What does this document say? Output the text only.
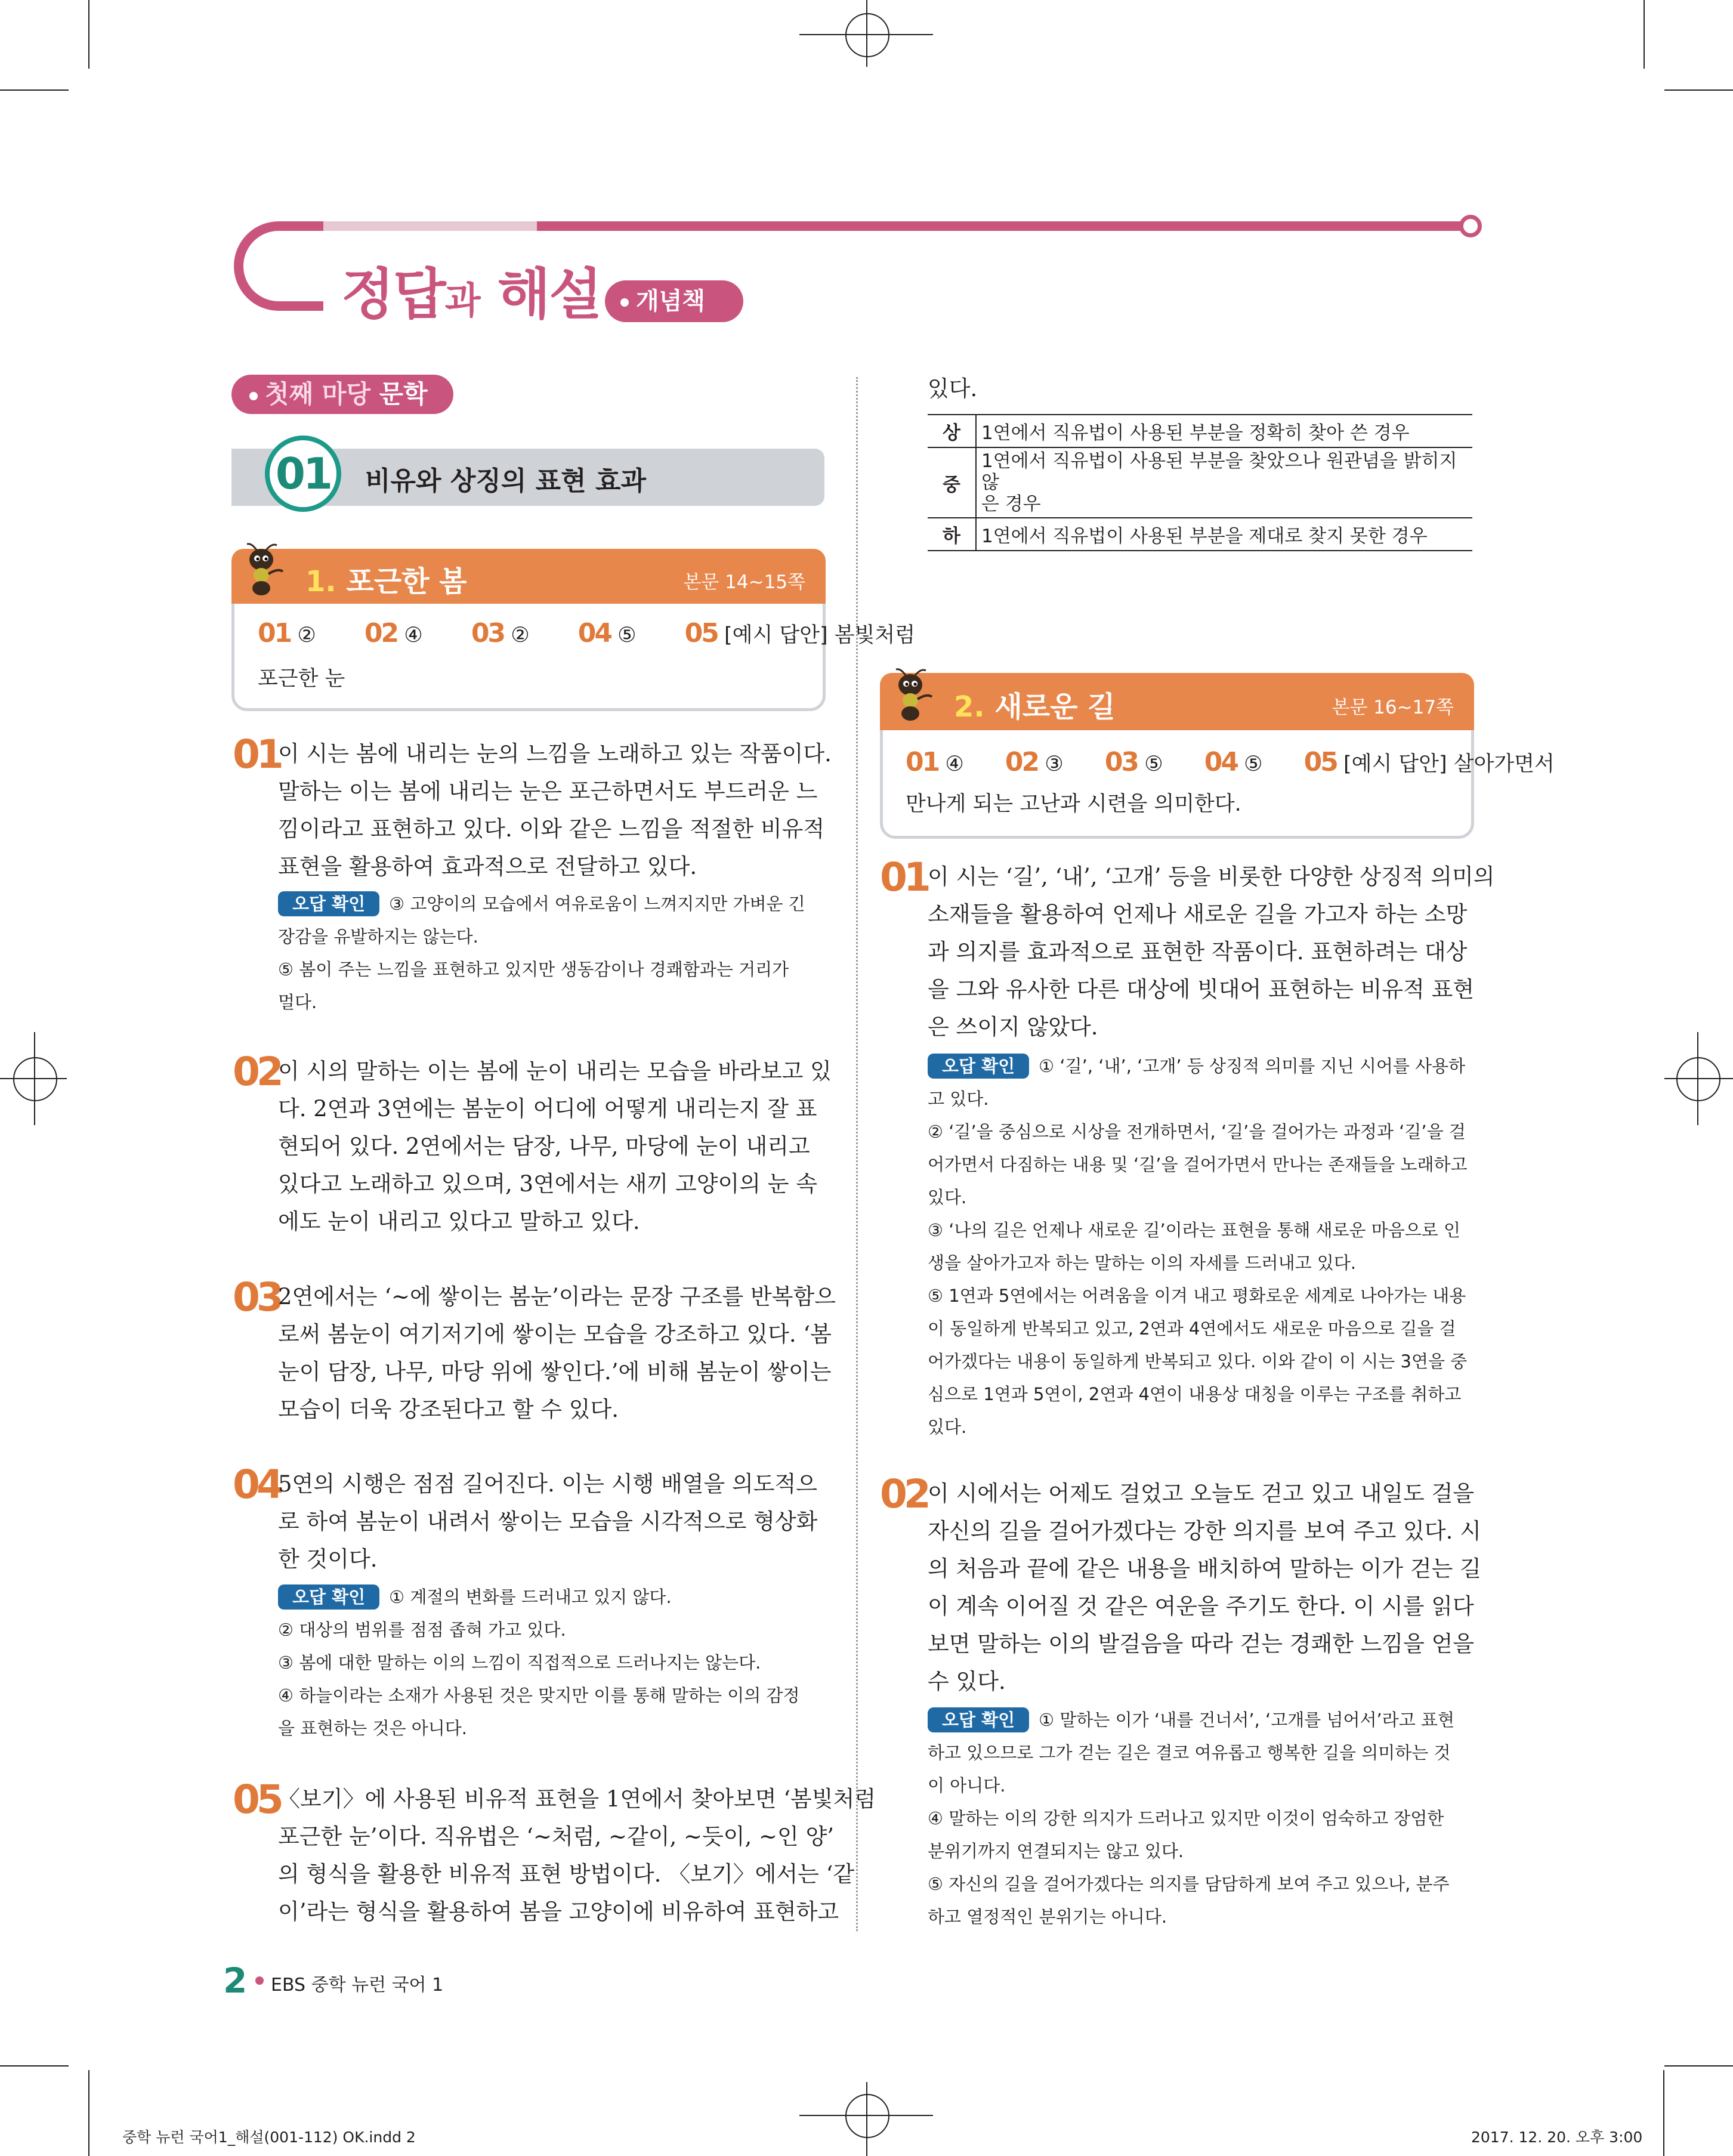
정답과 해설	개념책
첫째 마당 문학
01	비유와 상징의 표현 효과
1. 포근한 봄	본문 14~15쪽
01 ② 02 ④ 03 ② 04 ⑤ 05 [예시 답안] 봄빛처럼
포근한 눈
01
이 시는 봄에 내리는 눈의 느낌을 노래하고 있는 작품이다.
말하는 이는 봄에 내리는 눈은 포근하면서도 부드러운 느
낌이라고 표현하고 있다. 이와 같은 느낌을 적절한 비유적
표현을 활용하여 효과적으로 전달하고 있다.
오답 확인 ③ 고양이의 모습에서 여유로움이 느껴지지만 가벼운 긴
장감을 유발하지는 않는다.
⑤ 봄이 주는 느낌을 표현하고 있지만 생동감이나 경쾌함과는 거리가
멀다.
02
이 시의 말하는 이는 봄에 눈이 내리는 모습을 바라보고 있
다. 2연과 3연에는 봄눈이 어디에 어떻게 내리는지 잘 표
현되어 있다. 2연에서는 담장, 나무, 마당에 눈이 내리고
있다고 노래하고 있으며, 3연에서는 새끼 고양이의 눈 속
에도 눈이 내리고 있다고 말하고 있다.
03
2연에서는 ‘~에 쌓이는 봄눈’이라는 문장 구조를 반복함으
로써 봄눈이 여기저기에 쌓이는 모습을 강조하고 있다. ‘봄
눈이 담장, 나무, 마당 위에 쌓인다.’에 비해 봄눈이 쌓이는
모습이 더욱 강조된다고 할 수 있다.
04
5연의 시행은 점점 길어진다. 이는 시행 배열을 의도적으
로 하여 봄눈이 내려서 쌓이는 모습을 시각적으로 형상화
한 것이다.
오답 확인 ① 계절의 변화를 드러내고 있지 않다.
② 대상의 범위를 점점 좁혀 가고 있다.
③ 봄에 대한 말하는 이의 느낌이 직접적으로 드러나지는 않는다.
④ 하늘이라는 소재가 사용된 것은 맞지만 이를 통해 말하는 이의 감정
을 표현하는 것은 아니다.
05
〈보기〉에 사용된 비유적 표현을 1연에서 찾아보면 ‘봄빛처럼
포근한 눈’이다. 직유법은 ‘~처럼, ~같이, ~듯이, ~인 양’
의 형식을 활용한 비유적 표현 방법이다. 〈보기〉에서는 ‘같
이’라는 형식을 활용하여 봄을 고양이에 비유하여 표현하고
있다.
상	1연에서 직유법이 사용된 부분을 정확히 찾아 쓴 경우
중	1연에서 직유법이 사용된 부분을 찾았으나 원관념을 밝히지 않
은 경우

하	1연에서 직유법이 사용된 부분을 제대로 찾지 못한 경우
2. 새로운 길	본문 16~17쪽
01 ④ 02 ③ 03 ⑤ 04 ⑤ 05 [예시 답안] 살아가면서
만나게 되는 고난과 시련을 의미한다.
01 이 시는 ‘길’, ‘내’, ‘고개’ 등을 비롯한 다양한 상징적 의미의
소재들을 활용하여 언제나 새로운 길을 가고자 하는 소망
과 의지를 효과적으로 표현한 작품이다. 표현하려는 대상
을 그와 유사한 다른 대상에 빗대어 표현하는 비유적 표현
은 쓰이지 않았다.
오답 확인 ① ‘길’, ‘내’, ‘고개’ 등 상징적 의미를 지닌 시어를 사용하
고 있다.
② ‘길’을 중심으로 시상을 전개하면서, ‘길’을 걸어가는 과정과 ‘길’을 걸
어가면서 다짐하는 내용 및 ‘길’을 걸어가면서 만나는 존재들을 노래하고
있다.
③ ‘나의 길은 언제나 새로운 길’이라는 표현을 통해 새로운 마음으로 인
생을 살아가고자 하는 말하는 이의 자세를 드러내고 있다.
⑤ 1연과 5연에서는 어려움을 이겨 내고 평화로운 세계로 나아가는 내용
이 동일하게 반복되고 있고, 2연과 4연에서도 새로운 마음으로 길을 걸
어가겠다는 내용이 동일하게 반복되고 있다. 이와 같이 이 시는 3연을 중
심으로 1연과 5연이, 2연과 4연이 내용상 대칭을 이루는 구조를 취하고
있다.
02 이 시에서는 어제도 걸었고 오늘도 걷고 있고 내일도 걸을
자신의 길을 걸어가겠다는 강한 의지를 보여 주고 있다. 시
의 처음과 끝에 같은 내용을 배치하여 말하는 이가 걷는 길
이 계속 이어질 것 같은 여운을 주기도 한다. 이 시를 읽다
보면 말하는 이의 발걸음을 따라 걷는 경쾌한 느낌을 얻을
수 있다.
오답 확인 ① 말하는 이가 ‘내를 건너서’, ‘고개를 넘어서’라고 표현
하고 있으므로 그가 걷는 길은 결코 여유롭고 행복한 길을 의미하는 것
이 아니다.
④ 말하는 이의 강한 의지가 드러나고 있지만 이것이 엄숙하고 장엄한
분위기까지 연결되지는 않고 있다.
⑤ 자신의 길을 걸어가겠다는 의지를 담담하게 보여 주고 있으나, 분주
하고 열정적인 분위기는 아니다.
2 EBS 중학 뉴런 국어 1
중학 뉴런 국어1_해설(001-112) OK.indd 2	2017. 12. 20. 오후 3:00
